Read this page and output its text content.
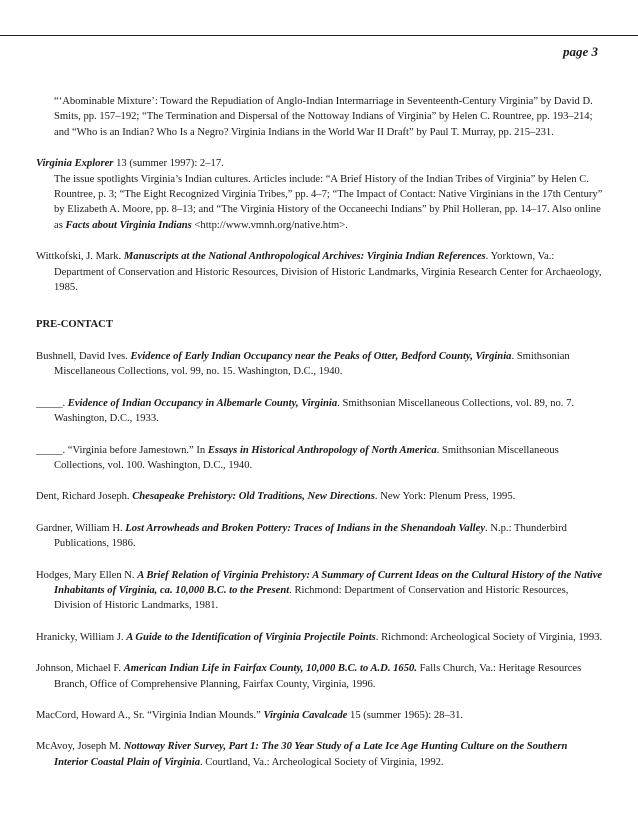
page 3

“‘Abominable Mixture’: Toward the Repudiation of Anglo-Indian Intermarriage in Seventeenth-Century Virginia” by David D. Smits, pp. 157–192; “The Termination and Dispersal of the Nottoway Indians of Virginia” by Helen C. Rountree, pp. 193–214; and “Who is an Indian? Who Is a Negro? Virginia Indians in the World War II Draft” by Paul T. Murray, pp. 215–231.

Virginia Explorer 13 (summer 1997): 2–17.

The issue spotlights Virginia’s Indian cultures. Articles include: “A Brief History of the Indian Tribes of Virginia” by Helen C. Rountree, p. 3; “The Eight Recognized Virginia Tribes,” pp. 4–7; “The Impact of Contact: Native Virginians in the 17th Century” by Elizabeth A. Moore, pp. 8–13; and “The Virginia History of the Occaneechi Indians” by Phil Holleran, pp. 14–17. Also online as Facts about Virginia Indians <http://www.vmnh.org/native.htm>.

Wittkofski, J. Mark. Manuscripts at the National Anthropological Archives: Virginia Indian References. Yorktown, Va.: Department of Conservation and Historic Resources, Division of Historic Landmarks, Virginia Research Center for Archaeology, 1985.

PRE-CONTACT

Bushnell, David Ives. Evidence of Early Indian Occupancy near the Peaks of Otter, Bedford County, Virginia. Smithsonian Miscellaneous Collections, vol. 99, no. 15. Washington, D.C., 1940.

_____. Evidence of Indian Occupancy in Albemarle County, Virginia. Smithsonian Miscellaneous Collections, vol. 89, no. 7. Washington, D.C., 1933.

_____. “Virginia before Jamestown.” In Essays in Historical Anthropology of North America. Smithsonian Miscellaneous Collections, vol. 100. Washington, D.C., 1940.

Dent, Richard Joseph. Chesapeake Prehistory: Old Traditions, New Directions. New York: Plenum Press, 1995.

Gardner, William H. Lost Arrowheads and Broken Pottery: Traces of Indians in the Shenandoah Valley. N.p.: Thunderbird Publications, 1986.

Hodges, Mary Ellen N. A Brief Relation of Virginia Prehistory: A Summary of Current Ideas on the Cultural History of the Native Inhabitants of Virginia, ca. 10,000 B.C. to the Present. Richmond: Department of Conservation and Historic Resources, Division of Historic Landmarks, 1981.

Hranicky, William J. A Guide to the Identification of Virginia Projectile Points. Richmond: Archeological Society of Virginia, 1993.

Johnson, Michael F. American Indian Life in Fairfax County, 10,000 B.C. to A.D. 1650. Falls Church, Va.: Heritage Resources Branch, Office of Comprehensive Planning, Fairfax County, Virginia, 1996.

MacCord, Howard A., Sr. “Virginia Indian Mounds.” Virginia Cavalcade 15 (summer 1965): 28–31.

McAvoy, Joseph M. Nottoway River Survey, Part 1: The 30 Year Study of a Late Ice Age Hunting Culture on the Southern Interior Coastal Plain of Virginia. Courtland, Va.: Archeological Society of Virginia, 1992.
